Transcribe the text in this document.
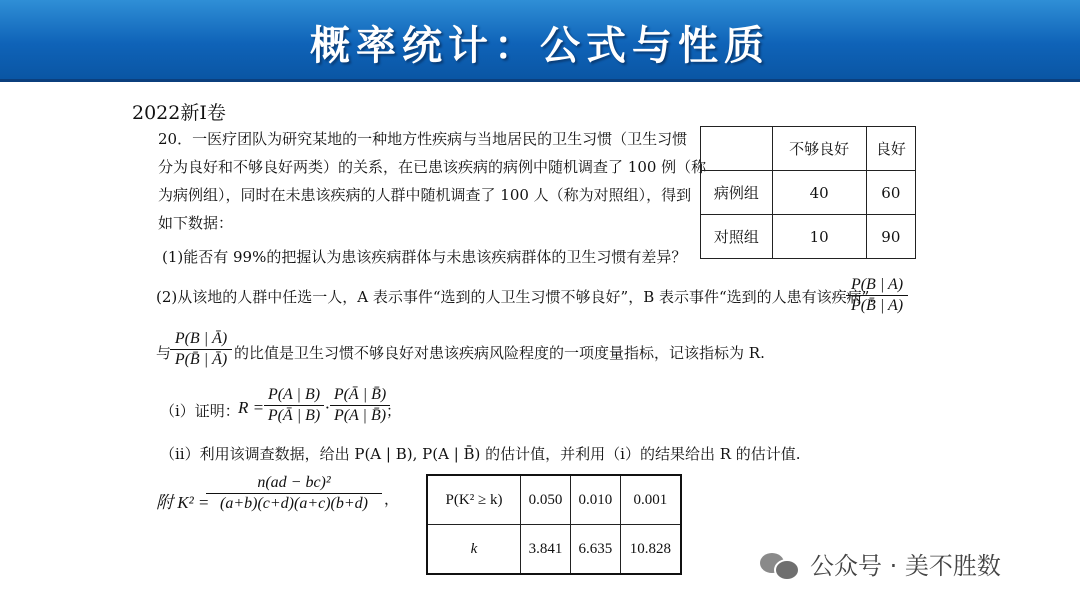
概率统计：公式与性质
2022新Ⅰ卷
20．一医疗团队为研究某地的一种地方性疾病与当地居民的卫生习惯（卫生习惯
分为良好和不够良好两类）的关系，在已患该疾病的病例中随机调查了 100 例（称
为病例组），同时在未患该疾病的人群中随机调查了 100 人（称为对照组），得到
如下数据：
(1)能否有 99%的把握认为患该疾病群体与未患该疾病群体的卫生习惯有差异？
	不够良好	良好
病例组	40	60
对照组	10	90
(2)从该地的人群中任选一人，A 表示事件“选到的人卫生习惯不够良好”，B 表示事件“选到的人患有该疾病”.
P(B | A)
P(B̄ | A)
与
P(B | Ā)
P(B̄ | Ā) 的比值是卫生习惯不够良好对患该疾病风险程度的一项度量指标，记该指标为 R.
（i）证明：
R =
P(A | B)
P(Ā | B) ·
P(Ā | B̄)
P(A | B̄) ；
（ii）利用该调查数据，给出 P(A | B), P(A | B̄) 的估计值，并利用（i）的结果给出 R 的估计值.
附 K² =
n(ad − bc)²
(a+b)(c+d)(a+c)(b+d)	，	P(K² ≥ k)	0.050	0.010	0.001
k	3.841	6.635	10.828
公众号 · 美不胜数
